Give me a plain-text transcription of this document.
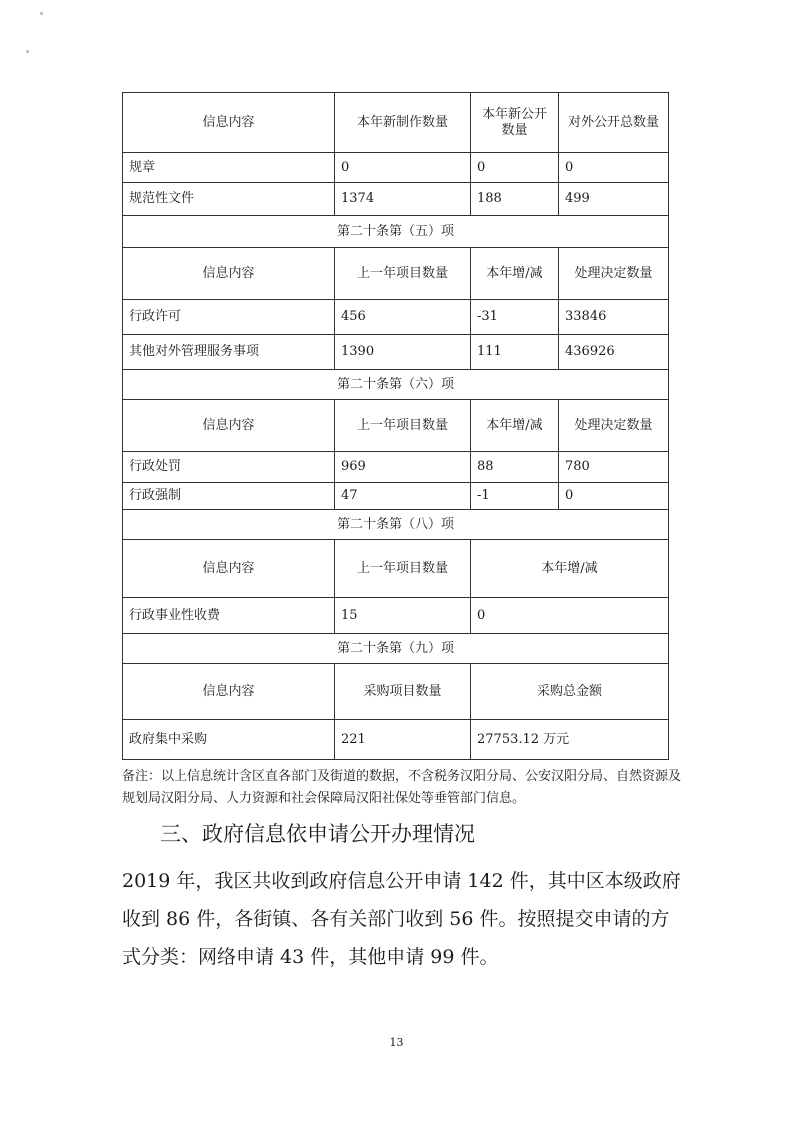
信息内容	本年新制作数量	本年新公开数量	对外公开总数量
规章	0	0	0
规范性文件	1374	188	499
第二十条第（五）项			
信息内容	上一年项目数量	本年增/减	处理决定数量
行政许可	456	-31	33846
其他对外管理服务事项	1390	111	436926
第二十条第（六）项			
信息内容	上一年项目数量	本年增/减	处理决定数量
行政处罚	969	88	780
行政强制	47	-1	0
第二十条第（八）项			
信息内容	上一年项目数量	本年增/减	
行政事业性收费	15	0	
第二十条第（九）项			
信息内容	采购项目数量	采购总金额	
政府集中采购	221	27753.12 万元	
备注：以上信息统计含区直各部门及街道的数据，不含税务汉阳分局、公安汉阳分局、自然资源及规划局汉阳分局、人力资源和社会保障局汉阳社保处等垂管部门信息。
三、政府信息依申请公开办理情况

2019 年，我区共收到政府信息公开申请 142 件，其中区本级政府收到 86 件，各街镇、各有关部门收到 56 件。按照提交申请的方式分类：网络申请 43 件，其他申请 99 件。

13
